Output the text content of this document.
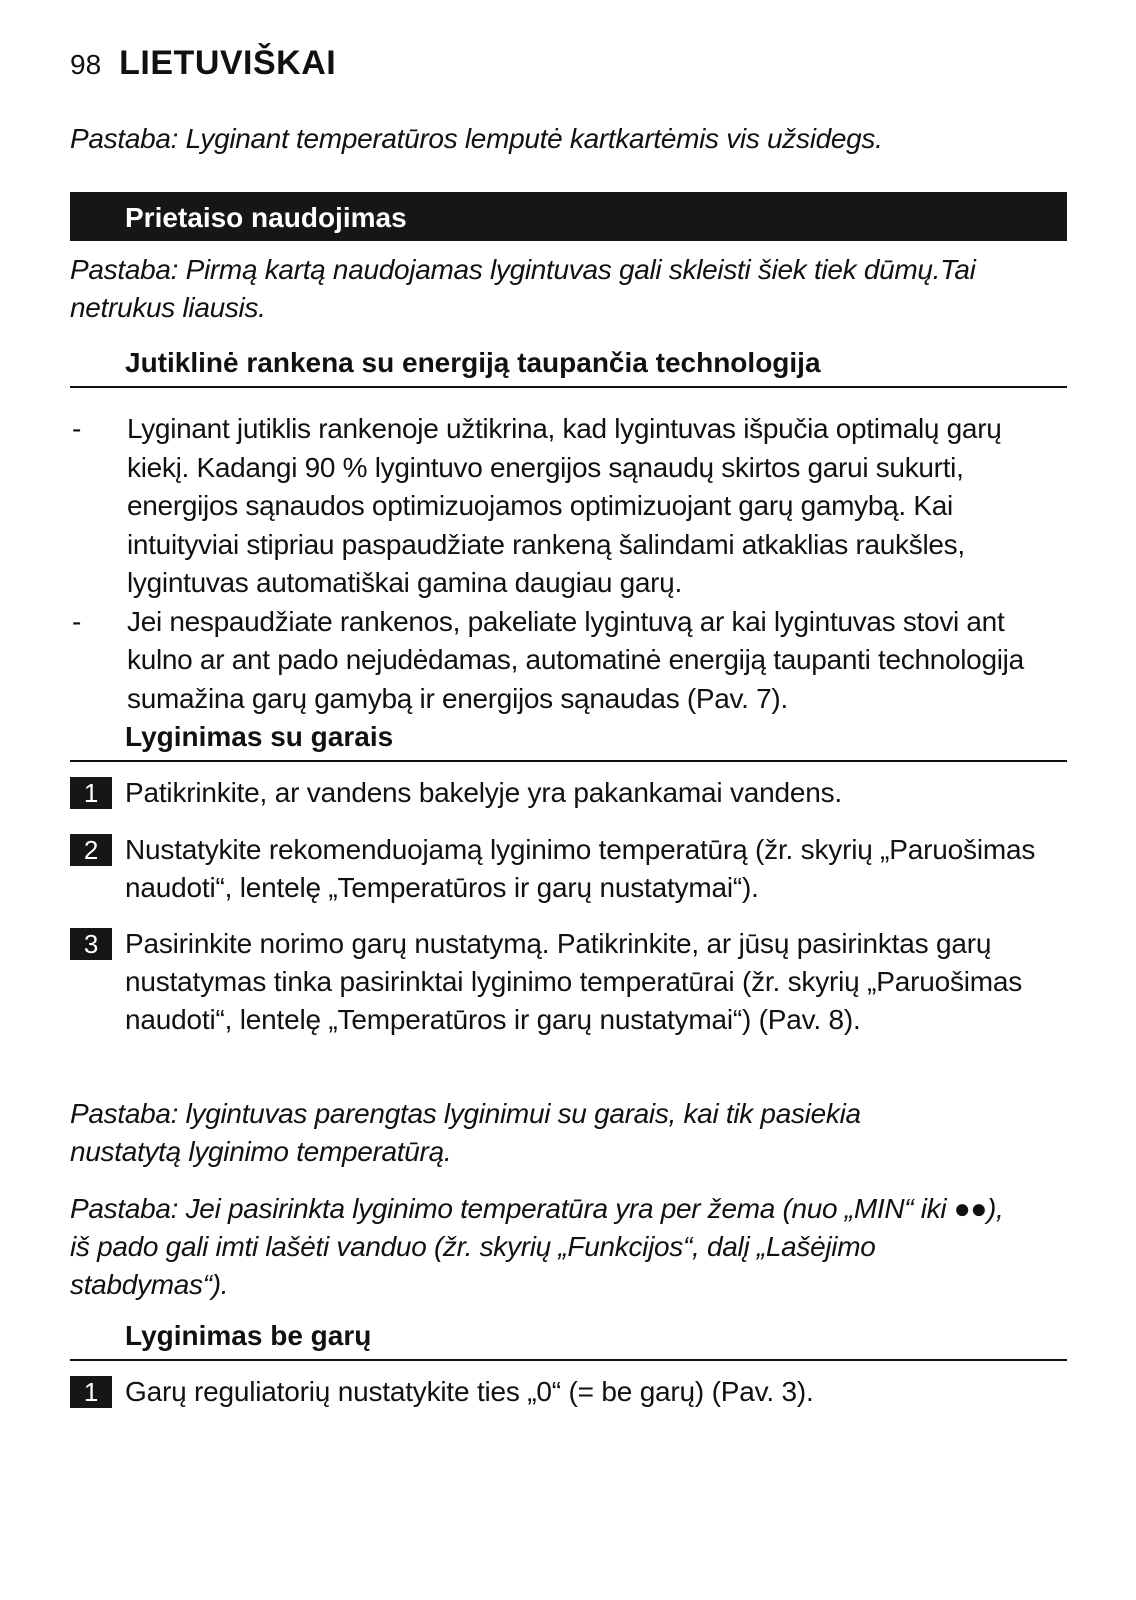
98 LIETUVIŠKAI
Pastaba: Lyginant temperatūros lemputė kartkartėmis vis užsidegs.
Prietaiso naudojimas
Pastaba: Pirmą kartą naudojamas lygintuvas gali skleisti šiek tiek dūmų.Tai netrukus liausis.
Jutiklinė rankena su energiją taupančia technologija
-	Lyginant jutiklis rankenoje užtikrina, kad lygintuvas išpučia optimalų garų kiekį. Kadangi 90 % lygintuvo energijos sąnaudų skirtos garui sukurti, energijos sąnaudos optimizuojamos optimizuojant garų gamybą. Kai intuityviai stipriau paspaudžiate rankeną šalindami atkaklias raukšles, lygintuvas automatiškai gamina daugiau garų.
-	Jei nespaudžiate rankenos, pakeliate lygintuvą ar kai lygintuvas stovi ant kulno ar ant pado nejudėdamas, automatinė energiją taupanti technologija sumažina garų gamybą ir energijos sąnaudas (Pav. 7).
Lyginimas su garais
1 Patikrinkite, ar vandens bakelyje yra pakankamai vandens.
2 Nustatykite rekomenduojamą lyginimo temperatūrą (žr. skyrių „Paruošimas naudoti“, lentelę „Temperatūros ir garų nustatymai“).
3 Pasirinkite norimo garų nustatymą. Patikrinkite, ar jūsų pasirinktas garų nustatymas tinka pasirinktai lyginimo temperatūrai (žr. skyrių „Paruošimas naudoti“, lentelę „Temperatūros ir garų nustatymai“) (Pav. 8).
Pastaba: lygintuvas parengtas lyginimui su garais, kai tik pasiekia nustatytą lyginimo temperatūrą.
Pastaba: Jei pasirinkta lyginimo temperatūra yra per žema (nuo „MIN“ iki ●●), iš pado gali imti lašėti vanduo (žr. skyrių „Funkcijos“, dalį „Lašėjimo stabdymas“).
Lyginimas be garų
1 Garų reguliatorių nustatykite ties „0“ (= be garų) (Pav. 3).
